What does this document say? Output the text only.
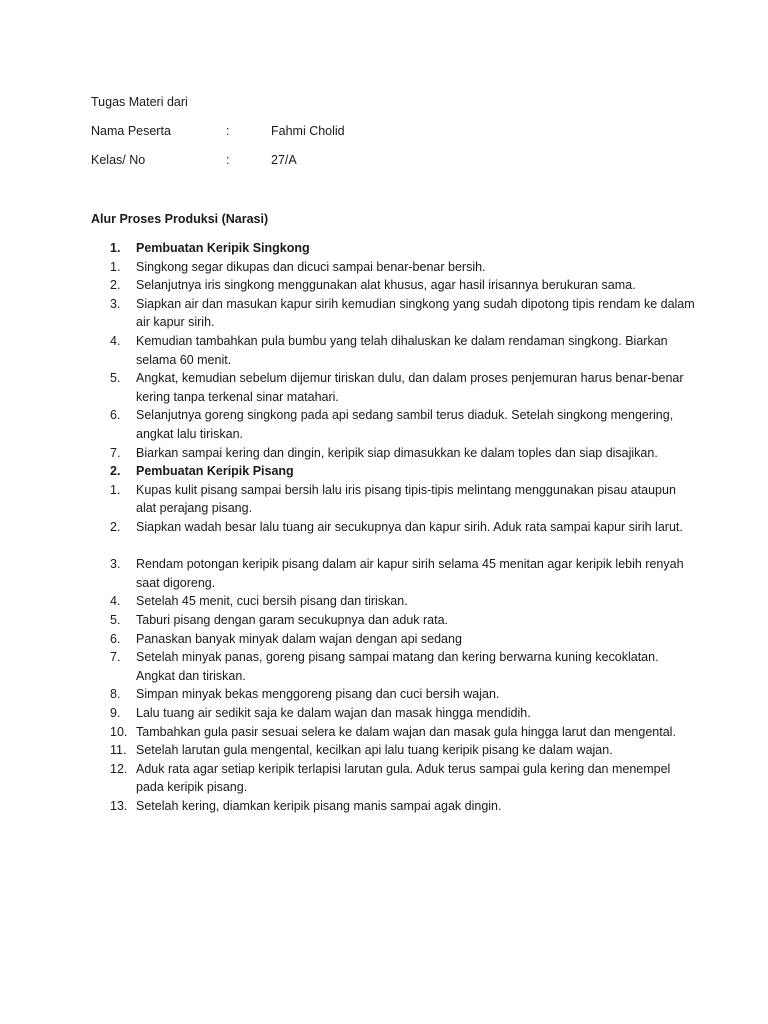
Tugas Materi dari
Nama Peserta	:	Fahmi Cholid
Kelas/ No	:	27/A
Alur Proses Produksi (Narasi)
1.	Pembuatan Keripik Singkong
1.	Singkong segar dikupas dan dicuci sampai benar-benar bersih.
2.	Selanjutnya iris singkong menggunakan alat khusus, agar hasil irisannya berukuran sama.
3.	Siapkan air dan masukan kapur sirih kemudian singkong yang sudah dipotong tipis rendam ke dalam air kapur sirih.
4.	Kemudian tambahkan pula bumbu yang telah dihaluskan ke dalam rendaman singkong. Biarkan selama 60 menit.
5.	Angkat, kemudian sebelum dijemur tiriskan dulu, dan dalam proses penjemuran harus benar-benar kering tanpa terkenal sinar matahari.
6.	Selanjutnya goreng singkong pada api sedang sambil terus diaduk. Setelah singkong mengering, angkat lalu tiriskan.
7.	Biarkan sampai kering dan dingin, keripik siap dimasukkan ke dalam toples dan siap disajikan.
2.	Pembuatan Keripik Pisang
1.	Kupas kulit pisang sampai bersih lalu iris pisang tipis-tipis melintang menggunakan pisau ataupun alat perajang pisang.
2.	Siapkan wadah besar lalu tuang air secukupnya dan kapur sirih. Aduk rata sampai kapur sirih larut.
3.	Rendam potongan keripik pisang dalam air kapur sirih selama 45 menitan agar keripik lebih renyah saat digoreng.
4.	Setelah 45 menit, cuci bersih pisang dan tiriskan.
5.	Taburi pisang dengan garam secukupnya dan aduk rata.
6.	Panaskan banyak minyak dalam wajan dengan api sedang
7.	Setelah minyak panas, goreng pisang sampai matang dan kering berwarna kuning kecoklatan. Angkat dan tiriskan.
8.	Simpan minyak bekas menggoreng pisang dan cuci bersih wajan.
9.	Lalu tuang air sedikit saja ke dalam wajan dan masak hingga mendidih.
10. Tambahkan gula pasir sesuai selera ke dalam wajan dan masak gula hingga larut dan mengental.
11. Setelah larutan gula mengental, kecilkan api lalu tuang keripik pisang ke dalam wajan.
12. Aduk rata agar setiap keripik terlapisi larutan gula. Aduk terus sampai gula kering dan menempel pada keripik pisang.
13. Setelah kering, diamkan keripik pisang manis sampai agak dingin.
